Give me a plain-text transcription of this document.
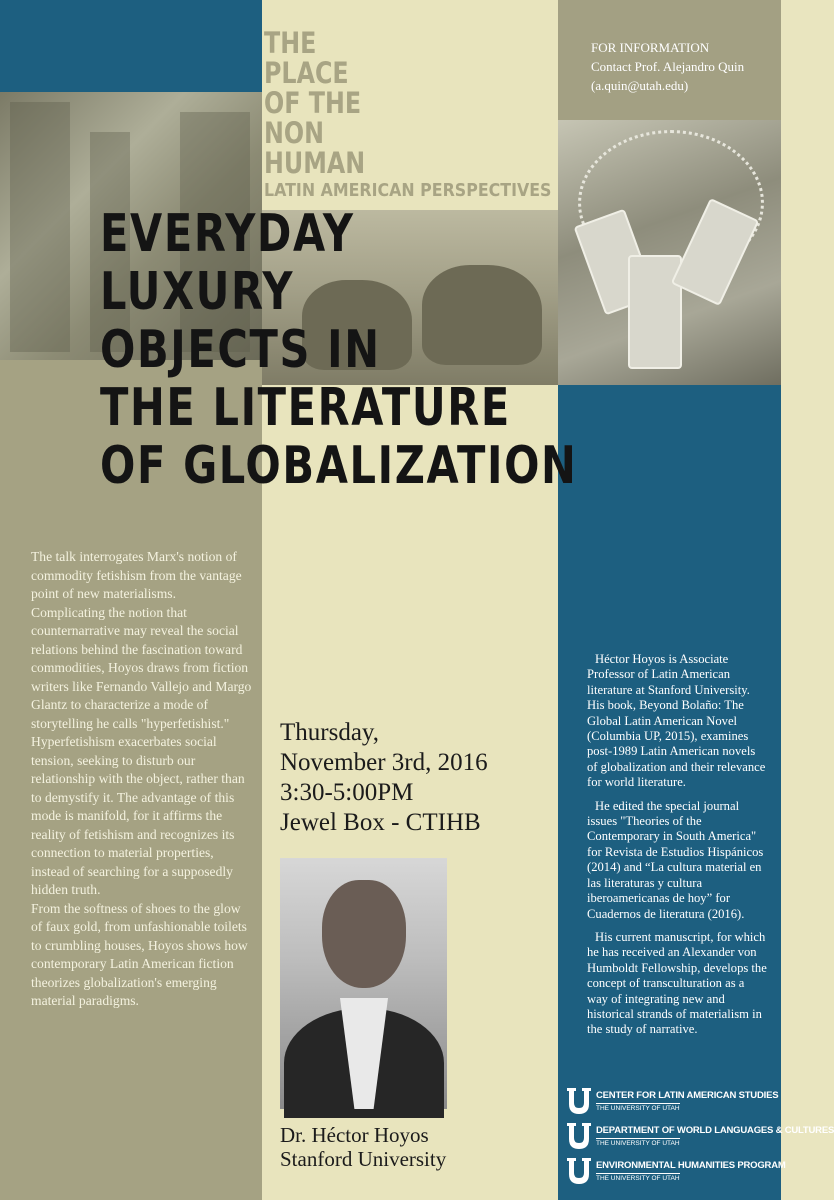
THE
PLACE
OF THE
NON
HUMAN
LATIN AMERICAN PERSPECTIVES
FOR INFORMATION
Contact Prof. Alejandro Quin
(a.quin@utah.edu)
EVERYDAY
LUXURY
OBJECTS IN
THE LITERATURE
OF GLOBALIZATION

The talk interrogates Marx's notion of commodity fetishism from the vantage point of new materialisms. Complicating the notion that counternarrative may reveal the social relations behind the fascination toward commodities, Hoyos draws from fiction writers like Fernando Vallejo and Margo Glantz to characterize a mode of storytelling he calls "hyperfetishist." Hyperfetishism exacerbates social tension, seeking to disturb our relationship with the object, rather than to demystify it. The advantage of this mode is manifold, for it affirms the reality of fetishism and recognizes its connection to material properties, instead of searching for a supposedly hidden truth.

From the softness of shoes to the glow of faux gold, from unfashionable toilets to crumbling houses, Hoyos shows how contemporary Latin American fiction theorizes globalization's emerging material paradigms.

Thursday,
November 3rd, 2016
3:30-5:00PM
Jewel Box - CTIHB
Dr. Héctor Hoyos
Stanford University

Héctor Hoyos is Associate Professor of Latin American literature at Stanford University. His book, Beyond Bolaño: The Global Latin American Novel (Columbia UP, 2015), examines post-1989 Latin American novels of globalization and their relevance for world literature.

He edited the special journal issues "Theories of the Contemporary in South America" for Revista de Estudios Hispánicos (2014) and “La cultura material en las literaturas y cultura iberoamericanas de hoy” for Cuadernos de literatura (2016).

His current manuscript, for which he has received an Alexander von Humboldt Fellowship, develops the concept of transculturation as a way of integrating new and historical strands of materialism in the study of narrative.

CENTER FOR LATIN AMERICAN STUDIES
THE UNIVERSITY OF UTAH
DEPARTMENT OF WORLD LANGUAGES & CULTURES
THE UNIVERSITY OF UTAH
ENVIRONMENTAL HUMANITIES PROGRAM
THE UNIVERSITY OF UTAH
